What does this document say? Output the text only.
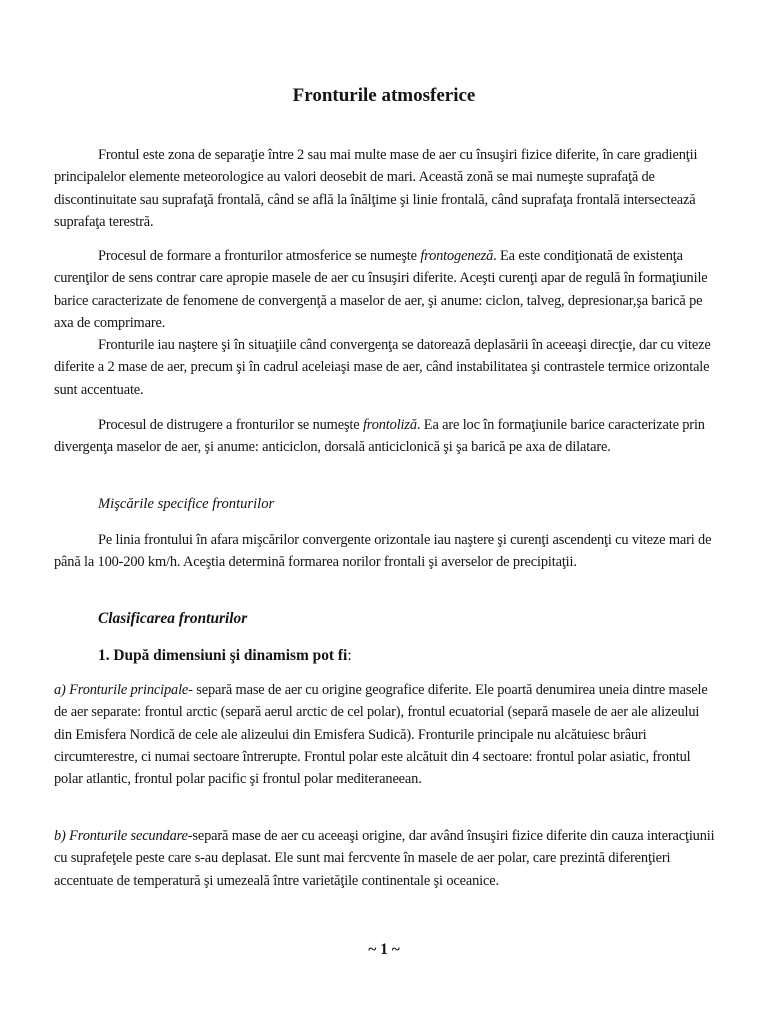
Fronturile atmosferice

Frontul este zona de separaţie între 2 sau mai multe mase de aer cu însuşiri fizice diferite, în care gradienţii principalelor elemente meteorologice au valori deosebit de mari. Această zonă se mai numeşte suprafaţă de discontinuitate sau suprafaţă frontală, când se află la înălţime şi linie frontală, când suprafaţa frontală intersectează suprafaţa terestră.

Procesul de formare a fronturilor atmosferice se numeşte frontogeneză. Ea este condiţionată de existenţa curenţilor de sens contrar care apropie masele de aer cu însuşiri diferite. Aceşti curenţi apar de regulă în formaţiunile barice caracterizate de fenomene de convergenţă a maselor de aer, şi anume: ciclon, talveg, depresionar,şa barică pe axa de comprimare.

Fronturile iau naştere şi în situaţiile când convergenţa se datorează deplasării în aceeaşi direcţie, dar cu viteze diferite a 2 mase de aer, precum şi în cadrul aceleiaşi mase de aer, când instabilitatea şi contrastele termice orizontale sunt accentuate.

Procesul de distrugere a fronturilor se numeşte frontoliză. Ea are loc în formaţiunile barice caracterizate prin divergenţa maselor de aer, şi anume: anticiclon, dorsală anticiclonică şi şa barică pe axa de dilatare.

Mişcările specifice fronturilor

Pe linia frontului în afara mişcărilor convergente orizontale iau naştere şi curenţi ascendenţi cu viteze mari de până la 100-200 km/h. Aceştia determină formarea norilor frontali şi averselor de precipitaţii.

Clasificarea fronturilor
1. După dimensiuni şi dinamism pot fi:

a) Fronturile principale- separă mase de aer cu origine geografice diferite. Ele poartă denumirea uneia dintre masele de aer separate: frontul arctic (separă aerul arctic de cel polar), frontul ecuatorial (separă masele de aer ale alizeului din Emisfera Nordică de cele ale alizeului din Emisfera Sudică). Fronturile principale nu alcătuiesc brâuri circumterestre, ci numai sectoare întrerupte. Frontul polar este alcătuit din 4 sectoare: frontul polar asiatic, frontul polar atlantic, frontul polar pacific şi frontul polar mediteraneean.

b) Fronturile secundare-separă mase de aer cu aceeaşi origine, dar având însuşiri fizice diferite din cauza interacţiunii cu suprafeţele peste care s-au deplasat. Ele sunt mai fercvente în masele de aer polar, care prezintă diferenţieri accentuate de temperatură şi umezeală între varietăţile continentale şi oceanice.

~ 1 ~
